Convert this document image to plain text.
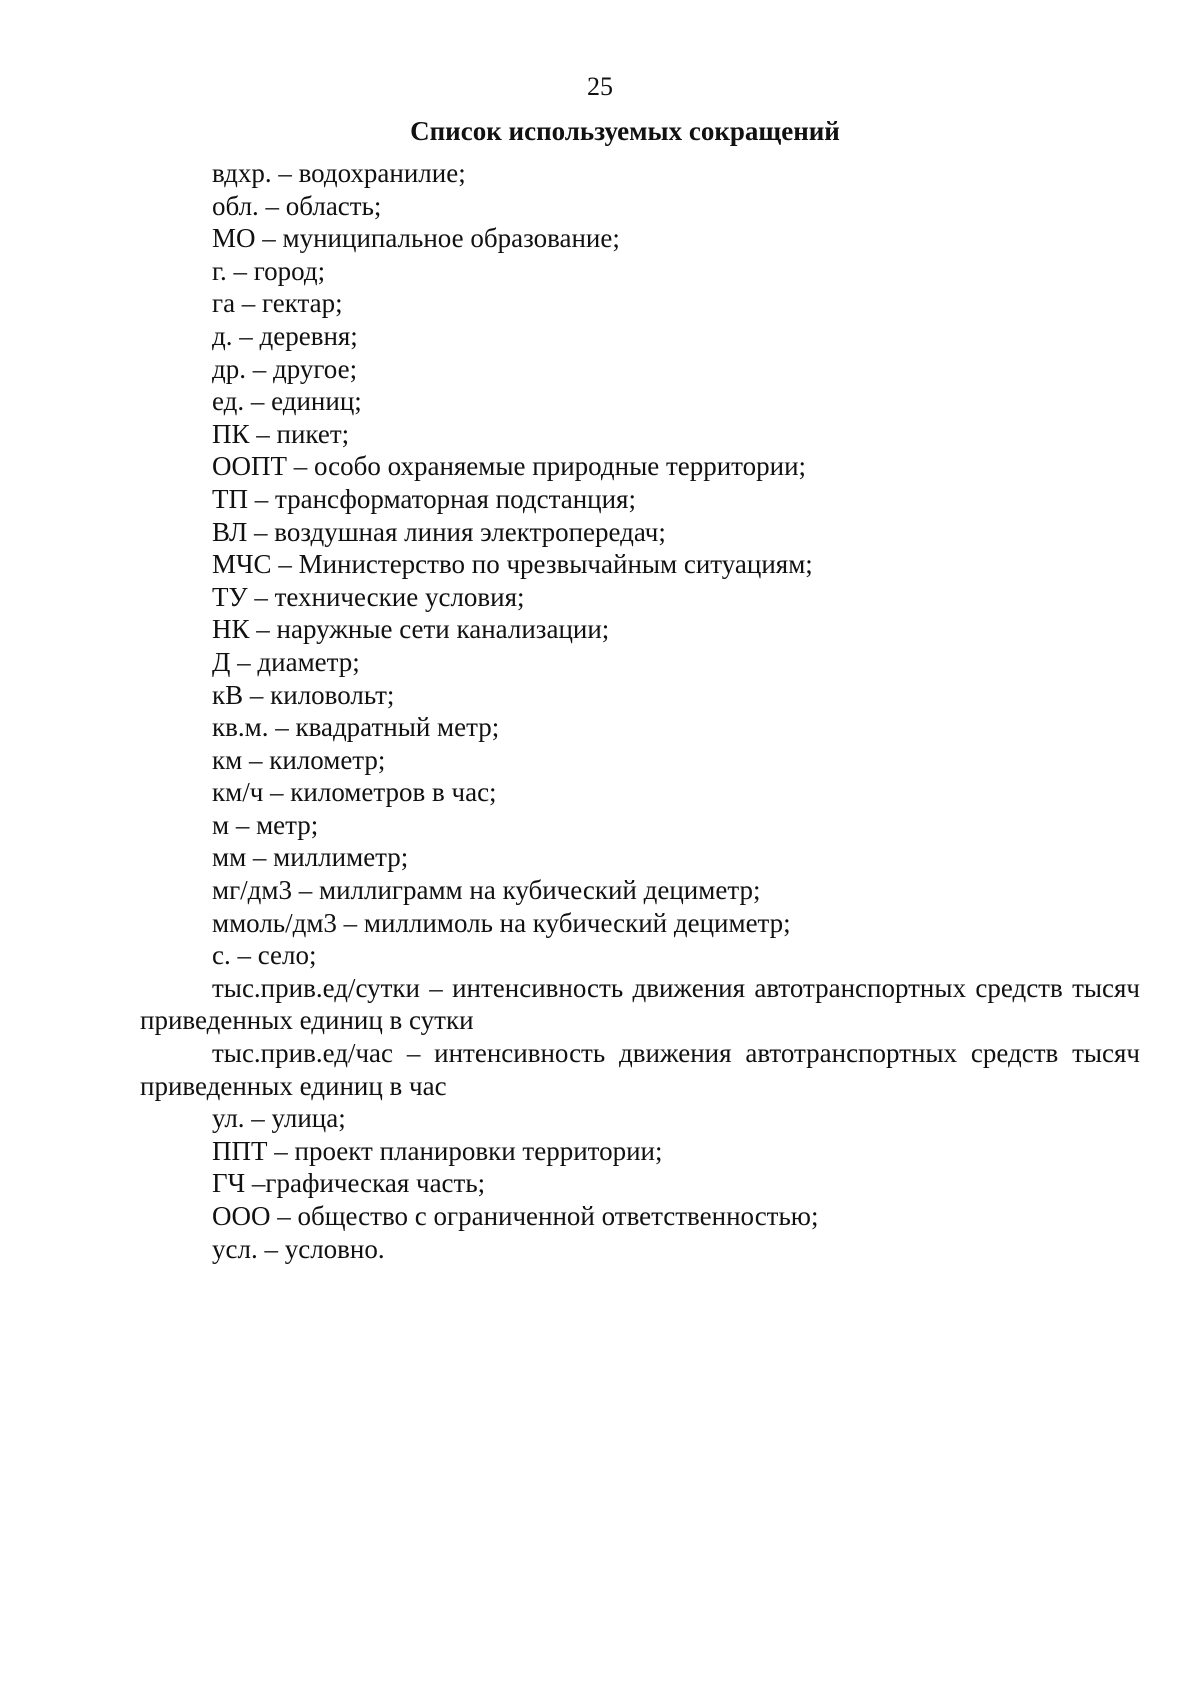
25
Список используемых сокращений
вдхр. – водохранилие;
обл. – область;
МО – муниципальное образование;
г. – город;
га – гектар;
д. – деревня;
др. – другое;
ед. – единиц;
ПК – пикет;
ООПТ – особо охраняемые природные территории;
ТП – трансформаторная подстанция;
ВЛ – воздушная линия электропередач;
МЧС – Министерство по чрезвычайным ситуациям;
ТУ – технические условия;
НК – наружные сети канализации;
Д – диаметр;
кВ – киловольт;
кв.м. – квадратный метр;
км – километр;
км/ч – километров в час;
м – метр;
мм – миллиметр;
мг/дм3 – миллиграмм на кубический дециметр;
ммоль/дм3 – миллимоль на кубический дециметр;
с. – село;
тыс.прив.ед/сутки – интенсивность движения автотранспортных средств тысяч приведенных единиц в сутки
тыс.прив.ед/час – интенсивность движения автотранспортных средств тысяч приведенных единиц в час
ул. – улица;
ППТ – проект планировки территории;
ГЧ –графическая часть;
ООО – общество с ограниченной ответственностью;
усл. – условно.
